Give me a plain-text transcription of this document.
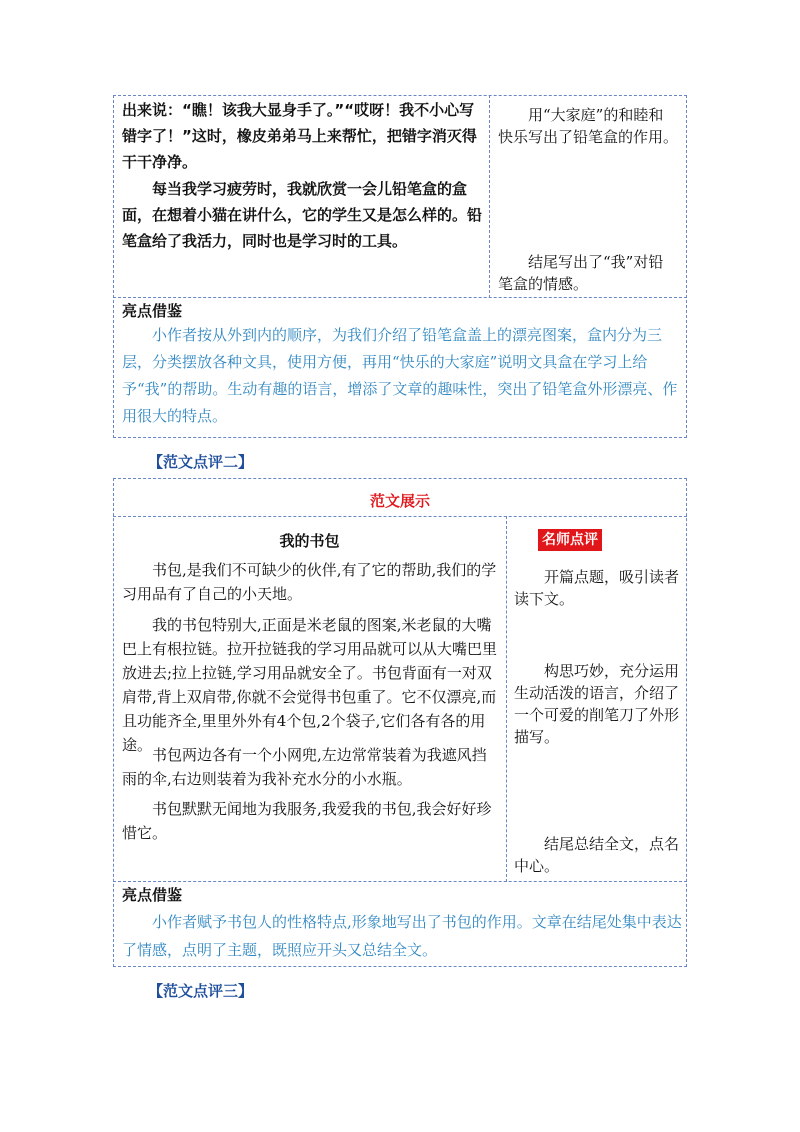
出来说：“瞧！该我大显身手了。”“哎呀！我不小心写错字了！”这时，橡皮弟弟马上来帮忙，把错字消灭得干干净净。

每当我学习疲劳时，我就欣赏一会儿铅笔盒的盒面，在想着小猫在讲什么，它的学生又是怎么样的。铅笔盒给了我活力，同时也是学习时的工具。

用“大家庭”的和睦和快乐写出了铅笔盒的作用。

结尾写出了“我”对铅笔盒的情感。

亮点借鉴

小作者按从外到内的顺序，为我们介绍了铅笔盒盖上的漂亮图案，盒内分为三层，分类摆放各种文具，使用方便，再用“快乐的大家庭”说明文具盒在学习上给予“我”的帮助。生动有趣的语言，增添了文章的趣味性，突出了铅笔盒外形漂亮、作用很大的特点。

【范文点评二】
范文展示
我的书包	名师点评

书包,是我们不可缺少的伙伴,有了它的帮助,我们的学习用品有了自己的小天地。

我的书包特别大,正面是米老鼠的图案,米老鼠的大嘴巴上有根拉链。拉开拉链我的学习用品就可以从大嘴巴里放进去;拉上拉链,学习用品就安全了。书包背面有一对双肩带,背上双肩带,你就不会觉得书包重了。它不仅漂亮,而且功能齐全,里里外外有4个包,2个袋子,它们各有各的用途。

书包两边各有一个小网兜,左边常常装着为我遮风挡雨的伞,右边则装着为我补充水分的小水瓶。

书包默默无闻地为我服务,我爱我的书包,我会好好珍惜它。

开篇点题，吸引读者读下文。

构思巧妙，充分运用生动活泼的语言，介绍了一个可爱的削笔刀了外形描写。

结尾总结全文，点名中心。

亮点借鉴

小作者赋予书包人的性格特点,形象地写出了书包的作用。文章在结尾处集中表达了情感，点明了主题，既照应开头又总结全文。

【范文点评三】
